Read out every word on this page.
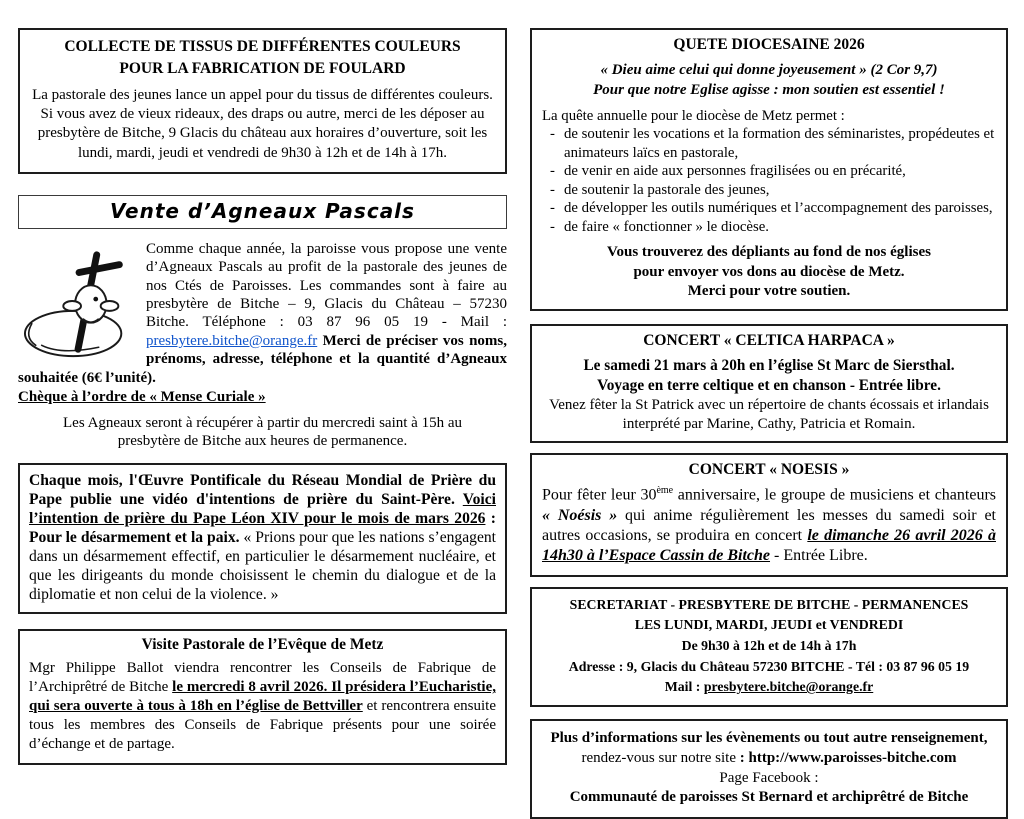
COLLECTE DE TISSUS DE DIFFÉRENTES COULEURS
POUR LA FABRICATION DE FOULARD
La pastorale des jeunes lance un appel pour du tissus de différentes couleurs. Si vous avez de vieux rideaux, des draps ou autre, merci de les déposer au presbytère de Bitche, 9 Glacis du château aux horaires d’ouverture, soit les lundi, mardi, jeudi et vendredi de 9h30 à 12h et de 14h à 17h.
Vente d’Agneaux Pascals
Comme chaque année, la paroisse vous propose une vente d’Agneaux Pascals au profit de la pastorale des jeunes de nos Ctés de Paroisses. Les commandes sont à faire au presbytère de Bitche – 9, Glacis du Château – 57230 Bitche. Téléphone : 03 87 96 05 19 - Mail : presbytere.bitche@orange.fr Merci de préciser vos noms, prénoms, adresse, téléphone et la quantité d’Agneaux souhaitée (6€ l’unité).
Chèque à l’ordre de « Mense Curiale »
Les Agneaux seront à récupérer à partir du mercredi saint à 15h au presbytère de Bitche aux heures de permanence.
Chaque mois, l'Œuvre Pontificale du Réseau Mondial de Prière du Pape publie une vidéo d'intentions de prière du Saint-Père. Voici l’intention de prière du Pape Léon XIV pour le mois de mars 2026 : Pour le désarmement et la paix. « Prions pour que les nations s’engagent dans un désarmement effectif, en particulier le désarmement nucléaire, et que les dirigeants du monde choisissent le chemin du dialogue et de la diplomatie et non celui de la violence. »
Visite Pastorale de l’Evêque de Metz
Mgr Philippe Ballot viendra rencontrer les Conseils de Fabrique de l’Archiprêtré de Bitche le mercredi 8 avril 2026. Il présidera l’Eucharistie, qui sera ouverte à tous à 18h en l’église de Bettviller et rencontrera ensuite tous les membres des Conseils de Fabrique présents pour une soirée d’échange et de partage.
QUETE DIOCESAINE 2026
« Dieu aime celui qui donne joyeusement » (2 Cor 9,7)
Pour que notre Eglise agisse : mon soutien est essentiel !
La quête annuelle pour le diocèse de Metz permet :
- de soutenir les vocations et la formation des séminaristes, propédeutes et animateurs laïcs en pastorale,
- de venir en aide aux personnes fragilisées ou en précarité,
- de soutenir la pastorale des jeunes,
- de développer les outils numériques et l’accompagnement des paroisses,
- de faire « fonctionner » le diocèse.
Vous trouverez des dépliants au fond de nos églises
pour envoyer vos dons au diocèse de Metz.
Merci pour votre soutien.
CONCERT « CELTICA HARPACA »
Le samedi 21 mars à 20h en l’église St Marc de Siersthal.
Voyage en terre celtique et en chanson - Entrée libre.
Venez fêter la St Patrick avec un répertoire de chants écossais et irlandais interprété par Marine, Cathy, Patricia et Romain.
CONCERT « NOESIS »
Pour fêter leur 30ème anniversaire, le groupe de musiciens et chanteurs « Noésis » qui anime régulièrement les messes du samedi soir et autres occasions, se produira en concert le dimanche 26 avril 2026 à 14h30 à l’Espace Cassin de Bitche - Entrée Libre.
SECRETARIAT - PRESBYTERE DE BITCHE - PERMANENCES
LES LUNDI, MARDI, JEUDI et VENDREDI
De 9h30 à 12h et de 14h à 17h
Adresse : 9, Glacis du Château 57230 BITCHE - Tél : 03 87 96 05 19
Mail : presbytere.bitche@orange.fr
Plus d’informations sur les évènements ou tout autre renseignement,
rendez-vous sur notre site : http://www.paroisses-bitche.com
Page Facebook :
Communauté de paroisses St Bernard et archiprêtré de Bitche
